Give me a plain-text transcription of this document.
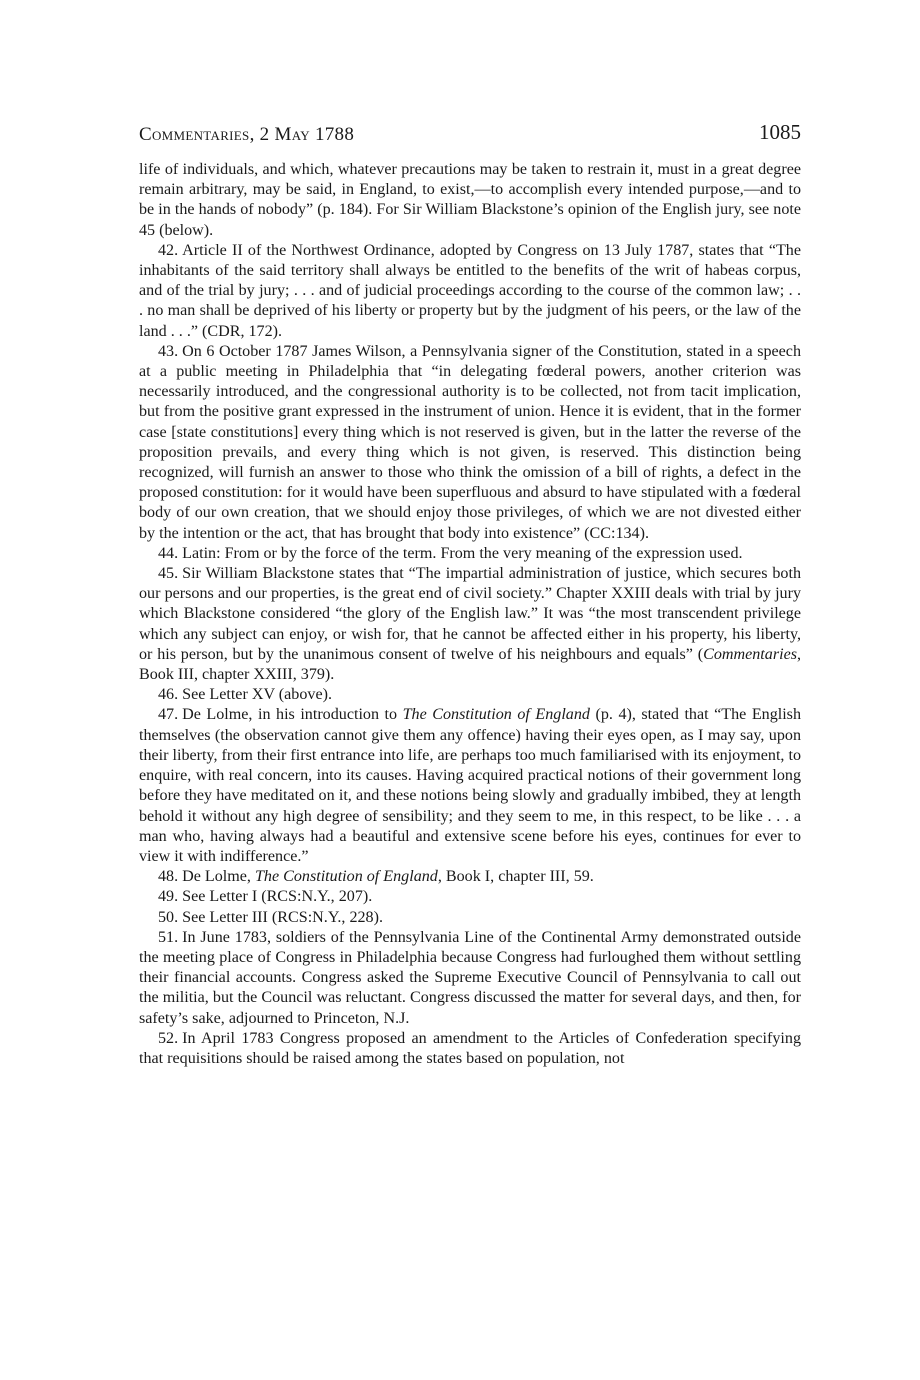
Commentaries, 2 May 1788	1085

life of individuals, and which, whatever precautions may be taken to restrain it, must in a great degree remain arbitrary, may be said, in England, to exist,—to accomplish every intended purpose,—and to be in the hands of nobody” (p. 184). For Sir William Blackstone’s opinion of the English jury, see note 45 (below).

42. Article II of the Northwest Ordinance, adopted by Congress on 13 July 1787, states that “The inhabitants of the said territory shall always be entitled to the benefits of the writ of habeas corpus, and of the trial by jury; . . . and of judicial proceedings according to the course of the common law; . . . no man shall be deprived of his liberty or property but by the judgment of his peers, or the law of the land . . .” (CDR, 172).

43. On 6 October 1787 James Wilson, a Pennsylvania signer of the Constitution, stated in a speech at a public meeting in Philadelphia that “in delegating fœderal powers, another criterion was necessarily introduced, and the congressional authority is to be collected, not from tacit implication, but from the positive grant expressed in the instrument of union. Hence it is evident, that in the former case [state constitutions] every thing which is not reserved is given, but in the latter the reverse of the proposition prevails, and every thing which is not given, is reserved. This distinction being recognized, will furnish an answer to those who think the omission of a bill of rights, a defect in the proposed constitution: for it would have been superfluous and absurd to have stipulated with a fœderal body of our own creation, that we should enjoy those privileges, of which we are not divested either by the intention or the act, that has brought that body into existence” (CC:134).

44. Latin: From or by the force of the term. From the very meaning of the expression used.

45. Sir William Blackstone states that “The impartial administration of justice, which secures both our persons and our properties, is the great end of civil society.” Chapter XXIII deals with trial by jury which Blackstone considered “the glory of the English law.” It was “the most transcendent privilege which any subject can enjoy, or wish for, that he cannot be affected either in his property, his liberty, or his person, but by the unanimous consent of twelve of his neighbours and equals” (Commentaries, Book III, chapter XXIII, 379).

46. See Letter XV (above).

47. De Lolme, in his introduction to The Constitution of England (p. 4), stated that “The English themselves (the observation cannot give them any offence) having their eyes open, as I may say, upon their liberty, from their first entrance into life, are perhaps too much familiarised with its enjoyment, to enquire, with real concern, into its causes. Having acquired practical notions of their government long before they have meditated on it, and these notions being slowly and gradually imbibed, they at length behold it without any high degree of sensibility; and they seem to me, in this respect, to be like . . . a man who, having always had a beautiful and extensive scene before his eyes, continues for ever to view it with indifference.”

48. De Lolme, The Constitution of England, Book I, chapter III, 59.

49. See Letter I (RCS:N.Y., 207).

50. See Letter III (RCS:N.Y., 228).

51. In June 1783, soldiers of the Pennsylvania Line of the Continental Army demonstrated outside the meeting place of Congress in Philadelphia because Congress had furloughed them without settling their financial accounts. Congress asked the Supreme Executive Council of Pennsylvania to call out the militia, but the Council was reluctant. Congress discussed the matter for several days, and then, for safety’s sake, adjourned to Princeton, N.J.

52. In April 1783 Congress proposed an amendment to the Articles of Confederation specifying that requisitions should be raised among the states based on population, not
